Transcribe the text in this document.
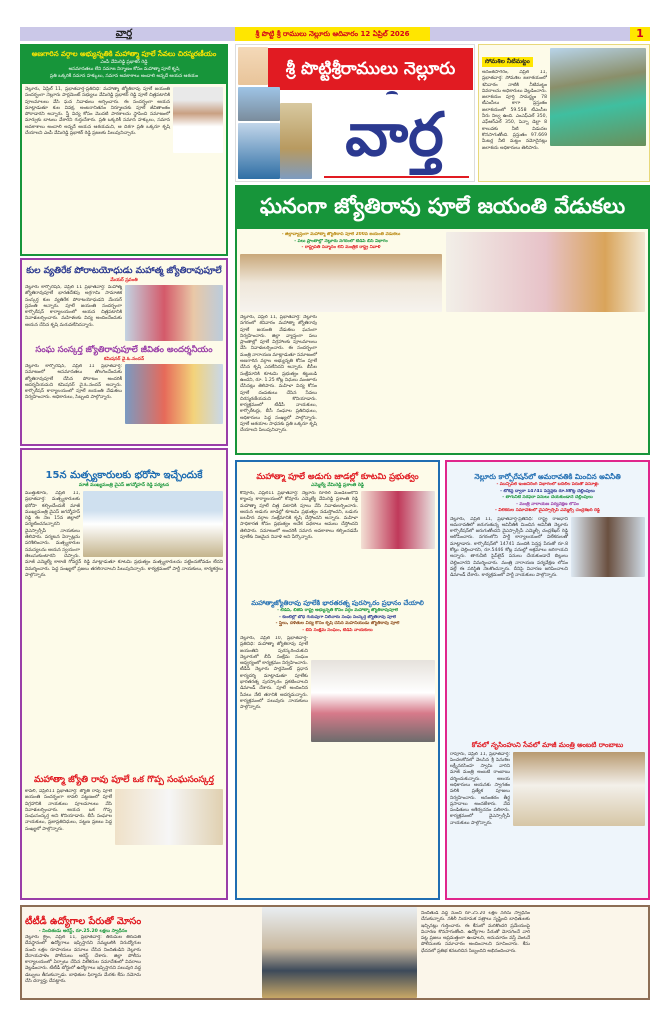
వార్త	శ్రీ పొట్టి శ్రీ రాములు నెల్లూరు ఆదివారం 12 ఏప్రిల్ 2026	1
శ్రీ పొట్టిశ్రీరాములు నెల్లూరు
వార్త
సోమశిల నీటిమట్టం
అనంతసాగరం, ఏప్రిల్ 11, ప్రభాతవార్త: సోమశిల జలాశయంలో శనివారం నాటికి నీటిమట్టం వివరాలను అధికారులు వెల్లడించారు. జలాశయం పూర్తి సామర్థ్యం 78 టీఎంసీలు కాగా ప్రస్తుతం జలాశయంలో 59.558 టీఎంసీల నీరు నిల్వ ఉంది. ఎంఎఫ్ఎల్ 350, ఎఫ్ఆర్ఎల్ 350, పెన్నా డెల్టా 8 కాలువకు నీటి విడుదల కొనసాగుతోంది. ప్రస్తుతం 97.669 మీటర్ల నీటి మట్టం నమోదైనట్లు జలాశయ అధికారులు తెలిపారు.
ఘనంగా జ్యోతిరావు పూలే జయంతి వేడుకలు
- జిల్లావ్యాప్తంగా మహాత్మా జ్యోతిరావ్ పూలే 200వ జయంతి వేడుకలు
- పలు ప్రాంతాల్లో నెల్లూరు నగరంలో టీడీపీ బీసీ విభాగం
- రాష్ట్రపతి సన్మానం లేని మంత్రికే రాష్ట్ర నివాళి
నెల్లూరు, ఏప్రిల్ 11, ప్రభాతవార్త: నెల్లూరు నగరంలో శనివారం మహాత్మా జ్యోతిరావు పూలే జయంతి వేడుకలు ఘనంగా నిర్వహించారు. జిల్లా వ్యాప్తంగా పలు ప్రాంతాల్లో పూలే విగ్రహాలకు పూలమాలలు వేసి నివాళులర్పించారు. ఈ సందర్భంగా మంత్రి నారాయణ మాట్లాడుతూ సమాజంలో అణగారిన వర్గాల అభ్యున్నతి కోసం పూలే చేసిన కృషి ఎనలేనిదని అన్నారు. బీసీల సంక్షేమానికి కూటమి ప్రభుత్వం కట్టుబడి ఉందని, రూ. 1.25 కోట్ల నిధులు మంజూరు చేసినట్లు తెలిపారు. మహిళా విద్య కోసం పూలే దంపతులు చేసిన సేవలు చిరస్మరణీయమని కొనియాడారు. కార్యక్రమంలో టీడీపీ నాయకులు, కార్పొరేటర్లు, బీసీ సంఘాల ప్రతినిధులు, అధికారులు పెద్ద సంఖ్యలో పాల్గొన్నారు. పూలే ఆశయాల సాధనకు ప్రతి ఒక్కరూ కృషి చేయాలని పిలుపునిచ్చారు.
అణగారిన వర్గాల అభ్యున్నతికి మహాత్మా పూలే సేవలు చిరస్మరణీయం
ఎంపీ వేమిరెడ్డి ప్రభాకర్ రెడ్డి
అసమానతలు లేని సమాజ నిర్మాణం కోసం మహాత్మా పూలే కృషి
ప్రతి ఒక్కరికీ సమాన హక్కులు, సమాన అవకాశాలు అందాలి అన్నదే ఆయన ఆశయం
నెల్లూరు, ఏప్రిల్ 11, ప్రభాతవార్త-ప్రతినిధి: మహాత్మా జ్యోతిరావు పూలే జయంతి సందర్భంగా నెల్లూరు పార్లమెంట్ సభ్యులు వేమిరెడ్డి ప్రభాకర్ రెడ్డి పూలే చిత్రపటానికి పూలమాలలు వేసి ఘన నివాళులు అర్పించారు. ఈ సందర్భంగా ఆయన మాట్లాడుతూ కుల వివక్ష, అంటరానితనం నిర్మూలనకు పూలే జీవితాంతం పోరాడారని అన్నారు. స్త్రీ విద్య కోసం మొదటి పాఠశాలను స్థాపించి సమాజంలో మార్పుకు బాటలు వేశారని గుర్తుచేశారు. ప్రతి ఒక్కరికీ సమాన హక్కులు, సమాన అవకాశాలు అందాలి అన్నదే ఆయన ఆశయమని, ఆ దిశగా ప్రతి ఒక్కరూ కృషి చేయాలని ఎంపీ వేమిరెడ్డి ప్రభాకర్ రెడ్డి ప్రజలకు పిలుపునిచ్చారు.
కుల వ్యతిరేక పోరాటయోధుడు మహాత్మ జ్యోతిరావుపూలే
మేయర్ స్రవంతి
నెల్లూరు కార్పోరేషన్, ఏప్రిల్ 11 ప్రభాతవార్త: మహాత్మ జ్యోతిరావుపూలే భారతదేశపు అగ్రగామి సామాజిక సంస్కర్త కుల వ్యతిరేక పోరాటయోధుడని మేయర్ స్రవంతి అన్నారు. పూలే జయంతి సందర్భంగా కార్పొరేషన్ కార్యాలయంలో ఆయన చిత్రపటానికి నివాళులర్పించారు. మహిళలకు విద్య అందించేందుకు ఆయన చేసిన కృషి మరువలేనిదన్నారు.
సంఘ సంస్కర్త జ్యోతిరావుపూలే జీవితం అందర్శనీయం
కమిషనర్ వై.ఓ.నందన్
నెల్లూరు కార్పోరేషన్, ఏప్రిల్ 11 ప్రభాతవార్త: సమాజంలో అసమానతలు తొలగించేందుకు జ్యోతిరావుపూలే చేసిన పోరాటం అందరికీ ఆదర్శనీయమని కమిషనర్ వై.ఓ.నందన్ అన్నారు. కార్పొరేషన్ కార్యాలయంలో పూలే జయంతి వేడుకలు నిర్వహించారు. అధికారులు, సిబ్బంది పాల్గొన్నారు.
15న మత్స్యకారులకు భరోసా ఇచ్చేందుకే
మాజీ ముఖ్యమంత్రి వైఎస్ జగన్మోహన్ రెడ్డి పర్యటన
ముత్తుకూరు, ఏప్రిల్ 11, ప్రభాతవార్త: మత్స్యకారులకు భరోసా కల్పించేందుకే మాజీ ముఖ్యమంత్రి వైఎస్ జగన్మోహన్ రెడ్డి ఈ నెల 15న జిల్లాలో పర్యటించనున్నారని వైఎస్సార్సీపీ నాయకులు తెలిపారు. పర్యటన ఏర్పాట్లను పరిశీలించారు. మత్స్యకారుల సమస్యలను ఆయన స్వయంగా తెలుసుకుంటారని చెప్పారు. మాజీ ఎమ్మెల్యే కాకాణి గోవర్ధన్ రెడ్డి మాట్లాడుతూ కూటమి ప్రభుత్వం మత్స్యకారులను పట్టించుకోవడం లేదని విమర్శించారు. పెద్ద సంఖ్యలో ప్రజలు తరలిరావాలని పిలుపునిచ్చారు. కార్యక్రమంలో పార్టీ నాయకులు, కార్యకర్తలు పాల్గొన్నారు.
మహాత్మా జ్యోతి రావు పూలే ఒక గొప్ప సంఘసంస్కర్త
కావలి, ఏప్రిల్11 ప్రభాతవార్త: జ్యోతి రావు పూలే జయంతి సందర్భంగా కావలి పట్టణంలో పూలే విగ్రహానికి నాయకులు పూలమాలలు వేసి నివాళులర్పించారు. ఆయన ఒక గొప్ప సంఘసంస్కర్త అని కొనియాడారు. బీసీ సంఘాల నాయకులు, ప్రజాప్రతినిధులు, పట్టణ ప్రజలు పెద్ద సంఖ్యలో పాల్గొన్నారు.
మహాత్మా పూలే అడుగు జాడల్లో కూటమి ప్రభుత్వం
ఎమ్మెల్యే వేమిరెడ్డి ప్రశాంతి రెడ్డి
కోవూరు, ఏప్రిల్11 ప్రభాతవార్త: నెల్లూరు రూరల్ మండలంలోని క్యాంపు కార్యాలయంలో కోవూరు ఎమ్మెల్యే వేమిరెడ్డి ప్రశాంతి రెడ్డి మహాత్మా పూలే చిత్ర పటానికి పూలు వేసి నివాళులర్పించారు. ఆయన అడుగు జాడల్లో కూటమి ప్రభుత్వం నడుస్తోందని, బడుగు బలహీన వర్గాల సంక్షేమానికి కృషి చేస్తోందని అన్నారు. మహిళా సాధికారత కోసం ప్రభుత్వం అనేక పథకాలు అమలు చేస్తోందని తెలిపారు. సమాజంలో అందరికీ సమాన అవకాశాలు కల్పించడమే పూలేకు నిజమైన నివాళి అని పేర్కొన్నారు.
మహాత్మాజ్యోతిరావు పూలేకి భారతరత్న పురస్కారం ప్రధానం చేయాలి
- టీడీపీ, బీజేపీ రాష్ట్ర అభ్యున్నతి కోసం వర్గం మహాత్మా జ్యోతిరావుపూలే
- కుంటిల్లో బోధ గురువుగా నిలిచారు సంఘ సంస్కర్త జ్యోతిరావు పూలే
- స్త్రీలు, దళితుల విద్య కోసం కృషి చేసిన మహనీయుడు జ్యోతిరావు పూలే
- బీసీ సంక్షేమ సంఘం, టీడీపీ నాయకులు
నెల్లూరు, ఏప్రిల్ 10, ప్రభాతవార్త-ప్రతినిధి: మహాత్మా జ్యోతిరావు పూలే జయంతిని పురస్కరించుకుని నెల్లూరులో బీసీ సంక్షేమ సంఘం ఆధ్వర్యంలో కార్యక్రమం నిర్వహించారు. టీడీపీ నెల్లూరు పార్లమెంట్ ప్రధాన కార్యదర్శి మాట్లాడుతూ పూలేకు భారతరత్న పురస్కారం ప్రకటించాలని డిమాండ్ చేశారు. పూలే అందించిన సేవలు నేటి తరానికి ఆదర్శమన్నారు. కార్యక్రమంలో పలువురు నాయకులు పాల్గొన్నారు.
నెల్లూరు కార్పోరేషన్‌లో అమరావతికి మించిన అవినీతి
- మున్సిపల్ ఇంజనీరింగ్ విభాగంలో బదిలీల పేరుతో వసూళ్లు
- టోకెన్ల ద్వారా 14741 పెన్షన్లకు రూ.8కోట్ల చెల్లింపులు
- తాగునీటి సరఫరా పనులు చేయకుండానే చెల్లింపులు
- మంత్రి నారాయణ పర్యవేక్షణ లోపం
- విలేకరుల సమావేశంలో వైఎస్సార్సీపీ ఎమ్మెల్సీ చంద్రశేఖర్ రెడ్డి
నెల్లూరు, ఏప్రిల్ 11, ప్రభాతవార్త-ప్రతినిధి: రాష్ట్ర రాజధాని అమరావతిలో జరుగుతున్న అవినీతికి మించిన అవినీతి నెల్లూరు కార్పొరేషన్‌లో జరుగుతోందని వైఎస్సార్సీపీ ఎమ్మెల్సీ చంద్రశేఖర్ రెడ్డి ఆరోపించారు. నగరంలోని పార్టీ కార్యాలయంలో విలేకరులతో మాట్లాడారు. కార్పొరేషన్‌లో 14741 మందికి పెన్షన్ల పేరుతో రూ.8 కోట్లు చెల్లించారని, రూ.5446 కోట్ల పనుల్లో అక్రమాలు జరిగాయని అన్నారు. తాగునీటి పైప్‌లైన్ పనులు చేయకుండానే బిల్లులు చెల్లించారని విమర్శించారు. మంత్రి నారాయణ పర్యవేక్షణ లోపం వల్లే ఈ పరిస్థితి నెలకొందన్నారు. దీనిపై విచారణ జరిపించాలని డిమాండ్ చేశారు. కార్యక్రమంలో పార్టీ నాయకులు పాల్గొన్నారు.
కోవలో నృసింహుని సేవలో మాజీ మంత్రి అంబటి రాంబాబు
రాపూరు, ఏప్రిల్ 11, ప్రభాతవార్త: పెంచలకోనలో వెలసిన శ్రీ పెనుశిల లక్ష్మీనరసింహ స్వామి వారిని మాజీ మంత్రి అంబటి రాంబాబు దర్శించుకున్నారు. ఆలయ అధికారులు ఆయనకు స్వాగతం పలికి ప్రత్యేక పూజలు నిర్వహించారు. అనంతరం తీర్థ ప్రసాదాలు అందజేశారు. వేద పండితులు ఆశీర్వచనం పలికారు. కార్యక్రమంలో వైఎస్సార్సీపీ నాయకులు పాల్గొన్నారు.
టీటీడీ ఉద్యోగాల పేరుతో మోసం
- నిందితుడు అరెస్ట్, రూ.25.20 లక్షలు స్వాధీనం
నెల్లూరు క్రైం, ఏప్రిల్ 11, ప్రభాతవార్త: తిరుమల తిరుపతి దేవస్థానంలో ఉద్యోగాలు ఇప్పిస్తానని నమ్మబలికి నిరుద్యోగుల నుంచి లక్షల రూపాయలు వసూలు చేసిన నిందితుడిని నెల్లూరు వేదాయపాళెం పోలీసులు అరెస్ట్ చేశారు. జిల్లా పోలీసు కార్యాలయంలో ఏర్పాటు చేసిన విలేకరుల సమావేశంలో వివరాలు వెల్లడించారు. టీటీడీ బోర్డులో ఉద్యోగాలు ఇప్పిస్తానని పలువురి వద్ద డబ్బులు తీసుకున్నాడు. బాధితుల ఫిర్యాదు మేరకు కేసు నమోదు చేసి దర్యాప్తు చేపట్టారు.
నిందితుడి వద్ద నుంచి రూ.25.20 లక్షల నగదు స్వాధీనం చేసుకున్నారు. నకిలీ నియామక పత్రాలు సృష్టించి బాధితులకు ఇచ్చినట్లు గుర్తించారు. ఈ కేసులో మరికొందరి ప్రమేయంపై విచారణ కొనసాగుతోంది. ఉద్యోగాల పేరుతో మోసగించే వారి పట్ల ప్రజలు అప్రమత్తంగా ఉండాలని, అనుమానం వస్తే వెంటనే పోలీసులకు సమాచారం అందించాలని సూచించారు. కేసు ఛేదనలో ప్రతిభ కనబరిచిన సిబ్బందిని అభినందించారు.
